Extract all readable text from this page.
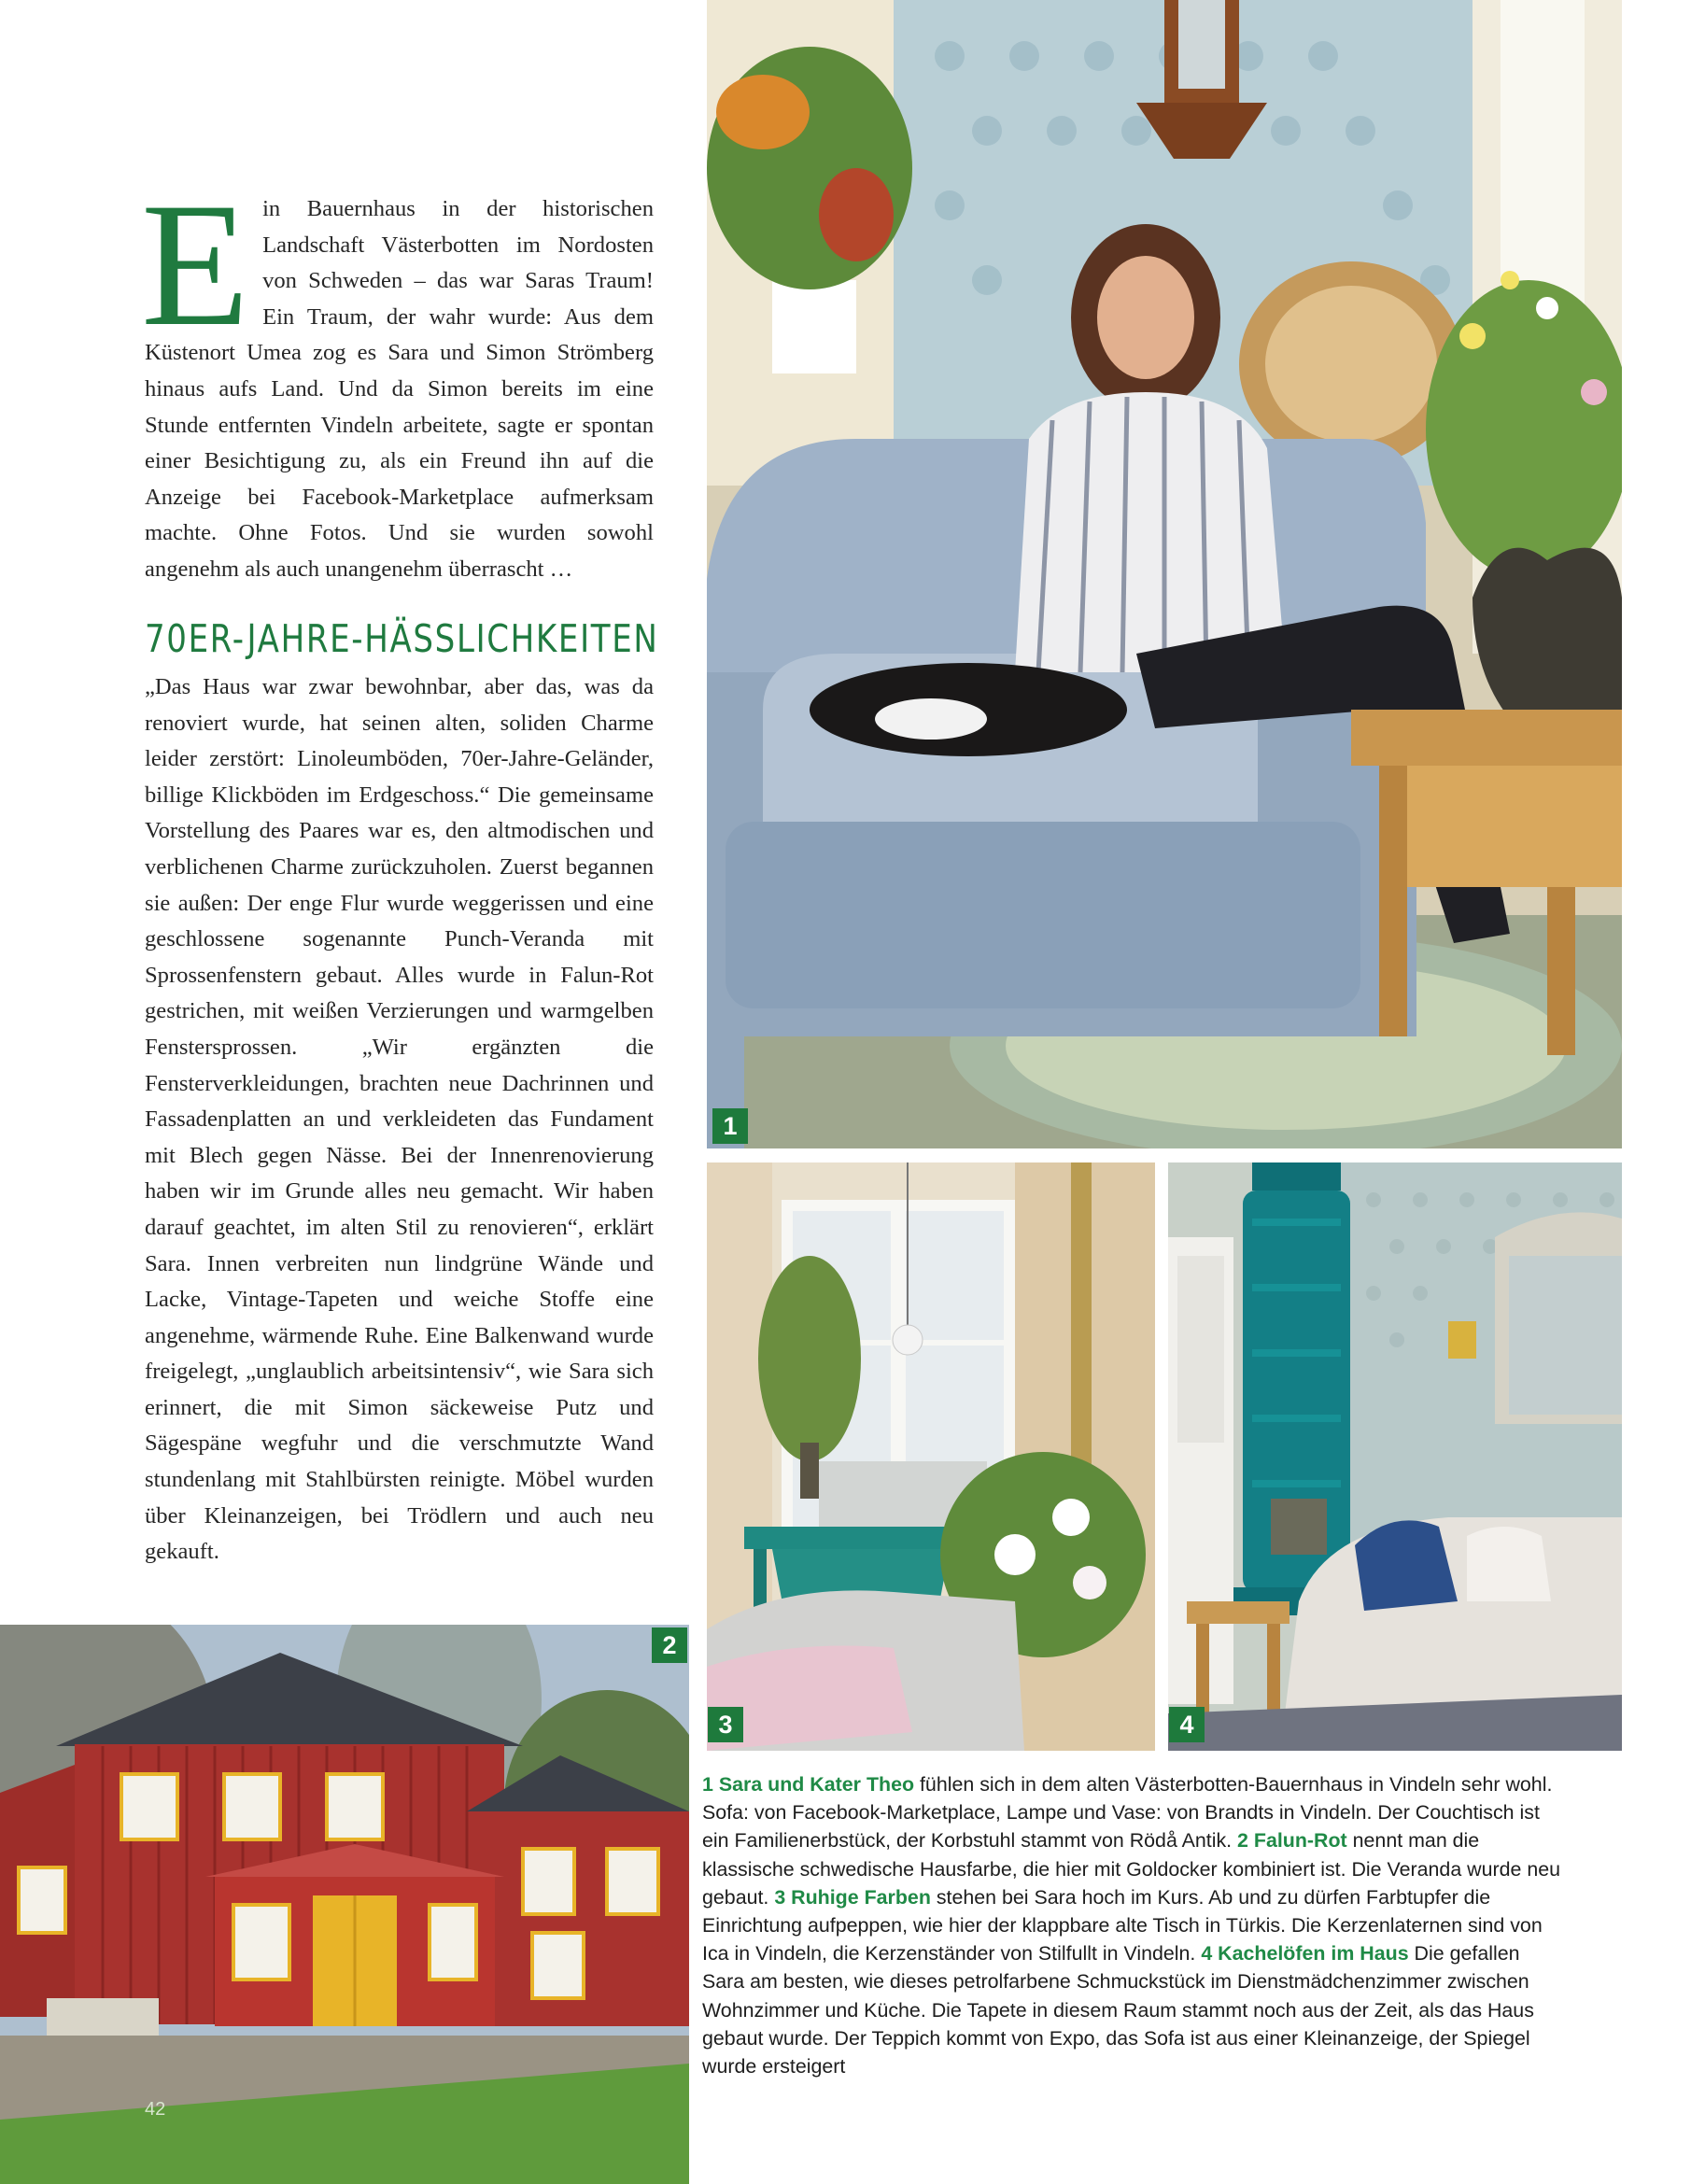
Ein Bauernhaus in der historischen Landschaft Västerbotten im Nordosten von Schweden – das war Saras Traum! Ein Traum, der wahr wurde: Aus dem Küstenort Umea zog es Sara und Simon Strömberg hinaus aufs Land. Und da Simon bereits im eine Stunde entfernten Vindeln arbeitete, sagte er spontan einer Besichtigung zu, als ein Freund ihn auf die Anzeige bei Facebook-Marketplace aufmerksam machte. Ohne Fotos. Und sie wurden sowohl angenehm als auch unangenehm überrascht …
70ER-JAHRE-HÄSSLICHKEITEN

„Das Haus war zwar bewohnbar, aber das, was da renoviert wurde, hat seinen alten, soliden Charme leider zerstört: Linoleumböden, 70er-Jahre-Geländer, billige Klickböden im Erdgeschoss.“ Die gemeinsame Vorstellung des Paares war es, den altmodischen und verblichenen Charme zurückzuholen. Zuerst begannen sie außen: Der enge Flur wurde weggerissen und eine geschlossene sogenannte Punch-Veranda mit Sprossenfenstern gebaut. Alles wurde in Falun-Rot gestrichen, mit weißen Verzierungen und warmgelben Fenstersprossen. „Wir ergänzten die Fensterverkleidungen, brachten neue Dachrinnen und Fassadenplatten an und verkleideten das Fundament mit Blech gegen Nässe. Bei der Innenrenovierung haben wir im Grunde alles neu gemacht. Wir haben darauf geachtet, im alten Stil zu renovieren“, erklärt Sara. Innen verbreiten nun lindgrüne Wände und Lacke, Vintage-Tapeten und weiche Stoffe eine angenehme, wärmende Ruhe. Eine Balkenwand wurde freigelegt, „unglaublich arbeitsintensiv“, wie Sara sich erinnert, die mit Simon säckeweise Putz und Sägespäne wegfuhr und die verschmutzte Wand stundenlang mit Stahlbürsten reinigte. Möbel wurden über Kleinanzeigen, bei Trödlern und auch neu gekauft.

1
3	4
2
42

1 Sara und Kater Theo fühlen sich in dem alten Västerbotten-Bauernhaus in Vindeln sehr wohl. Sofa: von Facebook-Marketplace, Lampe und Vase: von Brandts in Vindeln. Der Couchtisch ist ein Familienerbstück, der Korbstuhl stammt von Rödå Antik. 2 Falun-Rot nennt man die klassische schwedische Hausfarbe, die hier mit Goldocker kombiniert ist. Die Veranda wurde neu gebaut. 3 Ruhige Farben stehen bei Sara hoch im Kurs. Ab und zu dürfen Farbtupfer die Einrichtung aufpeppen, wie hier der klappbare alte Tisch in Türkis. Die Kerzenlaternen sind von Ica in Vindeln, die Kerzenständer von Stilfullt in Vindeln. 4 Kachelöfen im Haus Die gefallen Sara am besten, wie dieses petrolfarbene Schmuckstück im Dienstmädchenzimmer zwischen Wohnzimmer und Küche. Die Tapete in diesem Raum stammt noch aus der Zeit, als das Haus gebaut wurde. Der Teppich kommt von Expo, das Sofa ist aus einer Kleinanzeige, der Spiegel wurde ersteigert
